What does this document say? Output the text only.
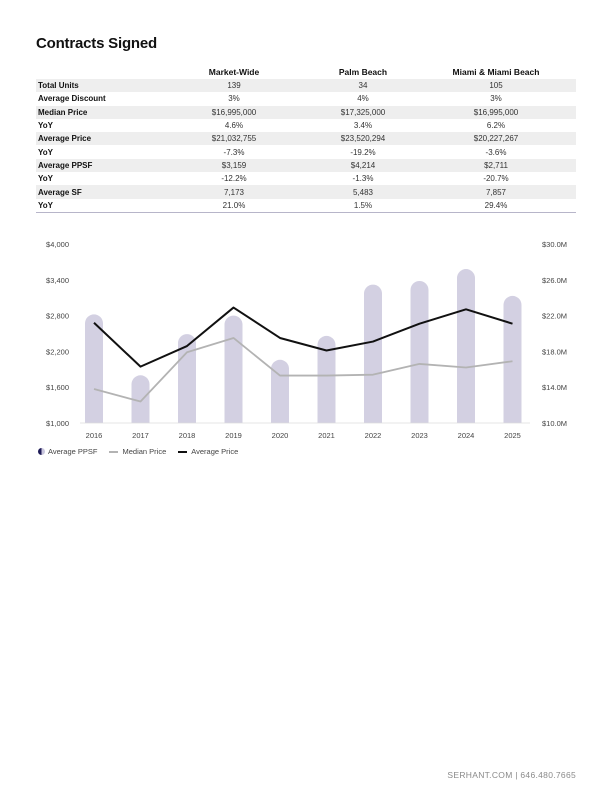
Contracts Signed
	Market-Wide	Palm Beach	Miami & Miami Beach
Total Units	139	34	105
Average Discount	3%	4%	3%
Median Price	$16,995,000	$17,325,000	$16,995,000
YoY	4.6%	3.4%	6.2%
Average Price	$21,032,755	$23,520,294	$20,227,267
YoY	-7.3%	-19.2%	-3.6%
Average PPSF	$3,159	$4,214	$2,711
YoY	-12.2%	-1.3%	-20.7%
Average SF	7,173	5,483	7,857
YoY	21.0%	1.5%	29.4%
$1,000
$1,600
$2,200
$2,800
$3,400
$4,000
$10.0M
$14.0M
$18.0M
$22.0M
$26.0M
$30.0M
2016	2017	2018	2019	2020	2021	2022	2023	2024	2025
Average PPSF	Median Price	Average Price
SERHANT.COM | 646.480.7665
